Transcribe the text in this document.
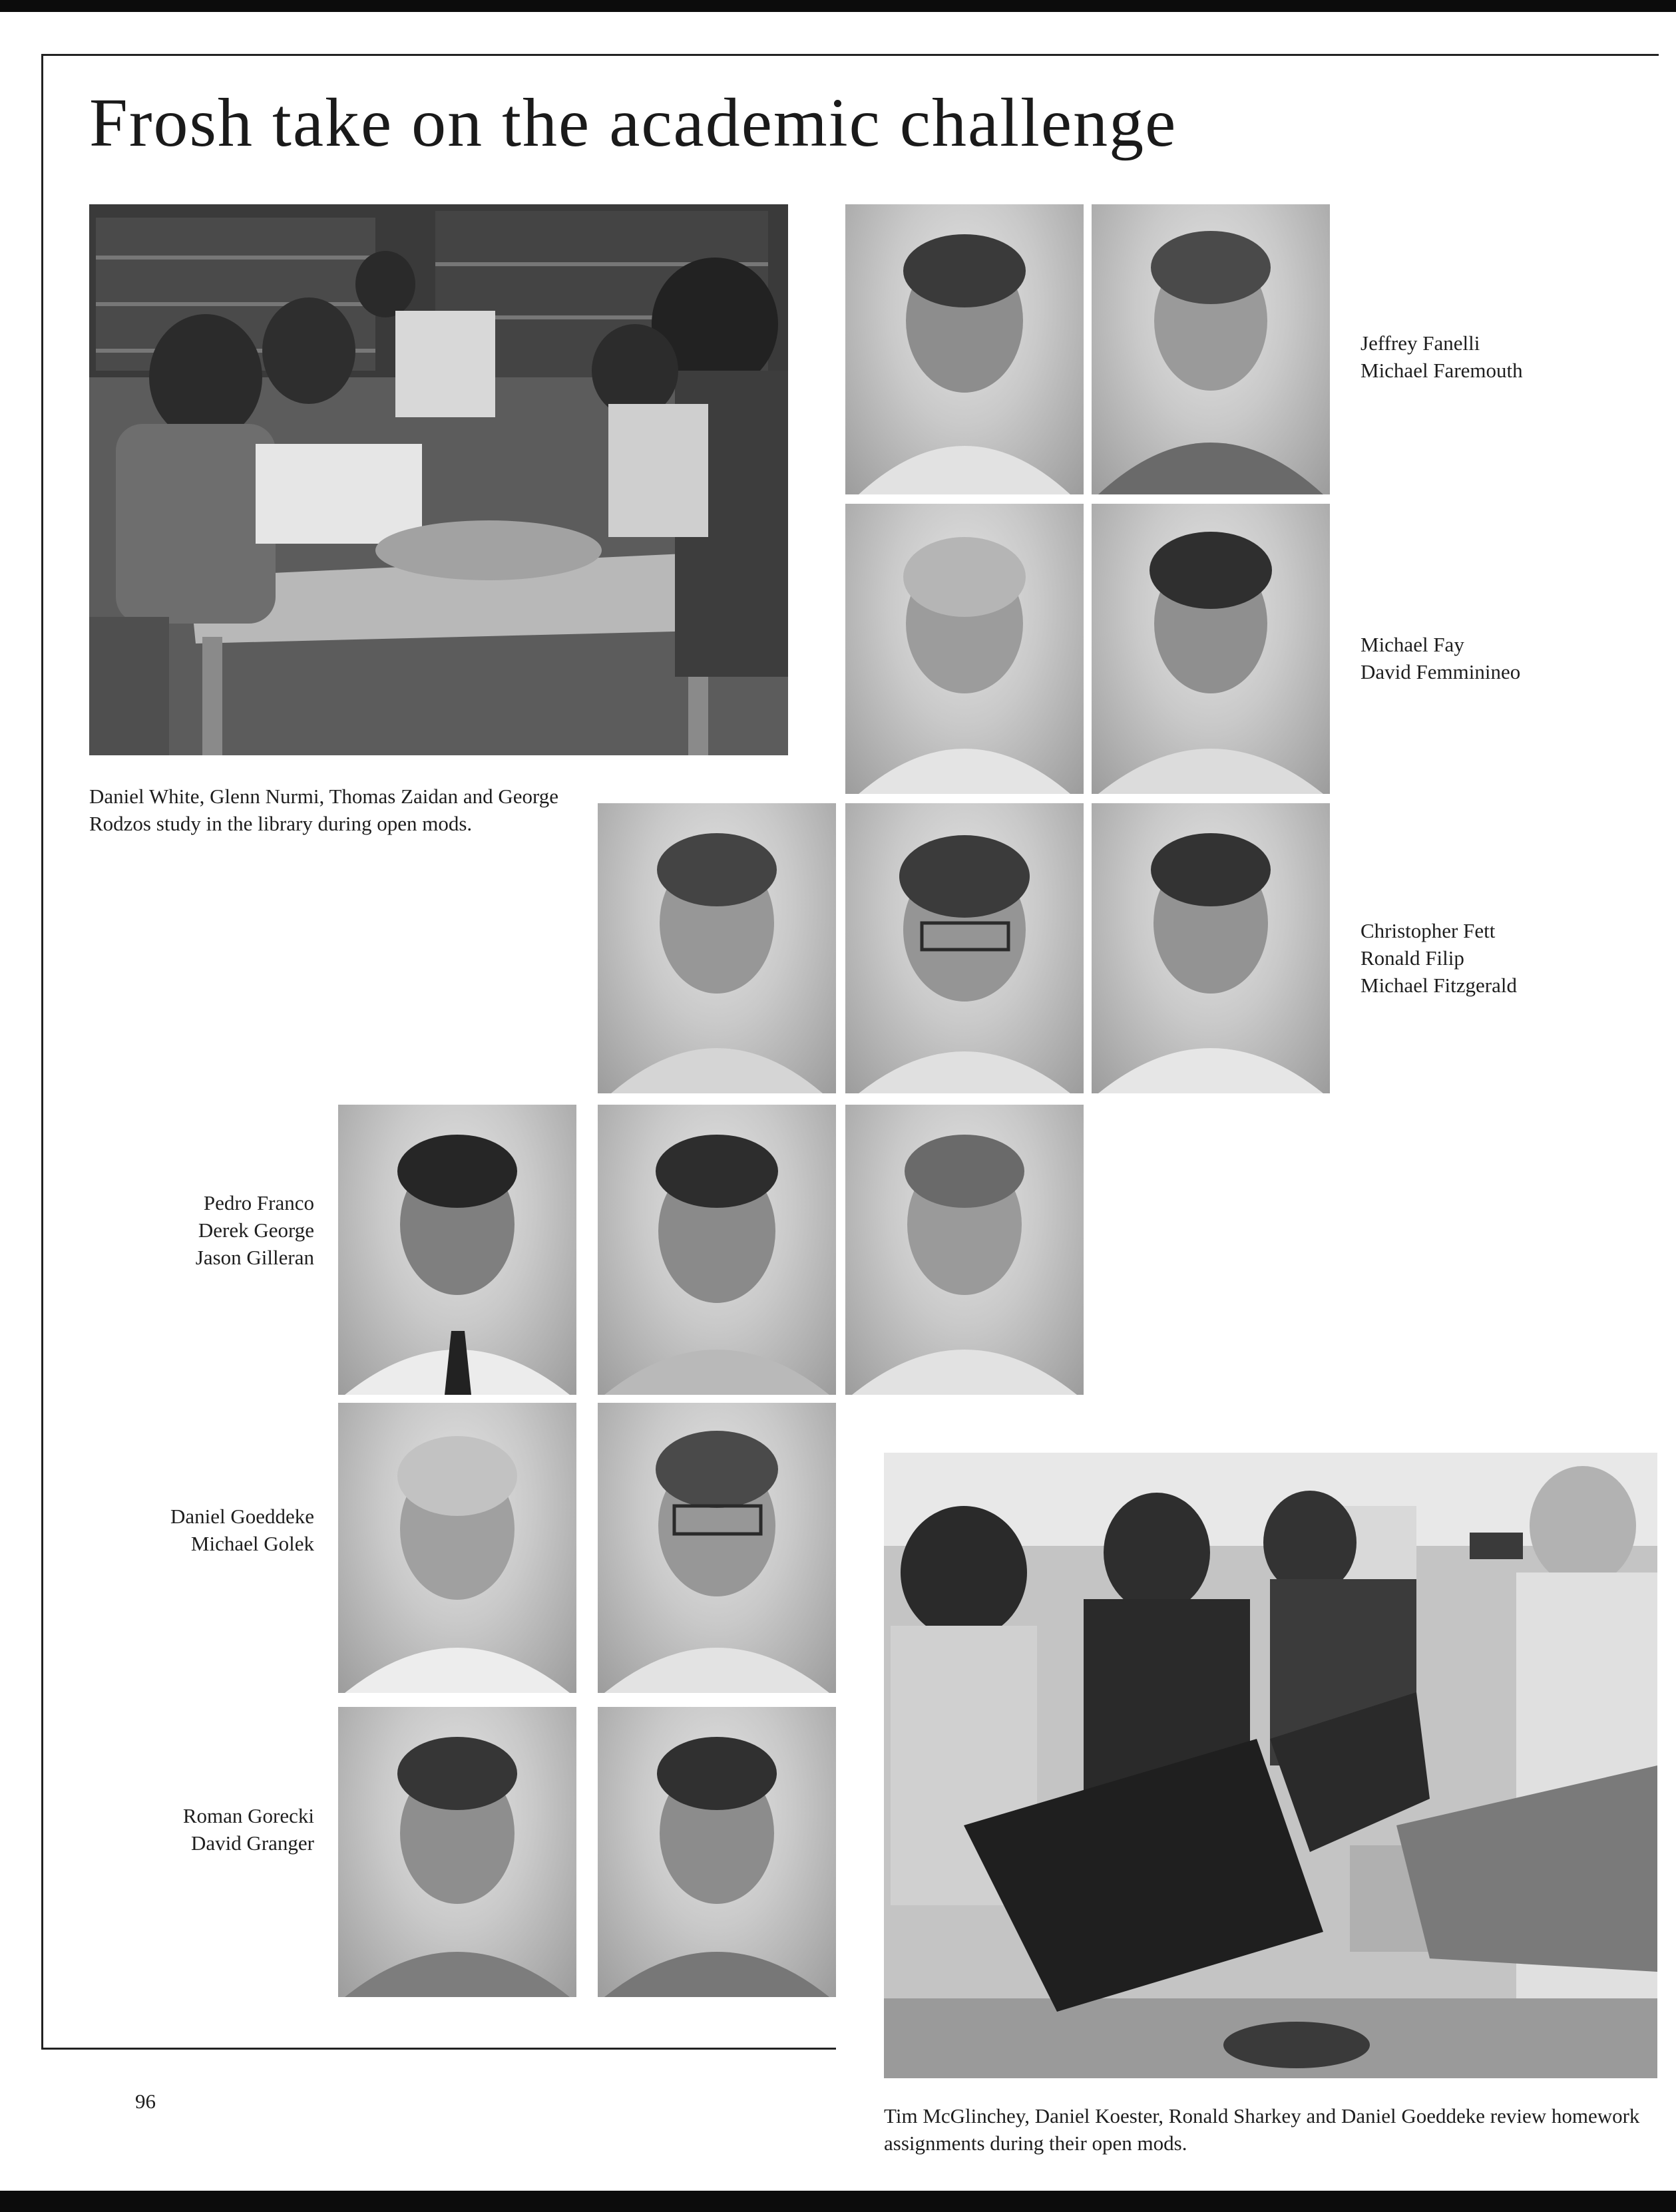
Frosh take on the academic challenge

Daniel White, Glenn Nurmi, Thomas Zaidan and George Rodzos study in the library during open mods.

Jeffrey Fanelli
Michael Faremouth
Michael Fay
David Femminineo
Christopher Fett
Ronald Filip
Michael Fitzgerald
Pedro Franco
Derek George
Jason Gilleran
Daniel Goeddeke
Michael Golek
Roman Gorecki
David Granger

Tim McGlinchey, Daniel Koester, Ronald Sharkey and Daniel Goeddeke review homework assignments during their open mods.

96
